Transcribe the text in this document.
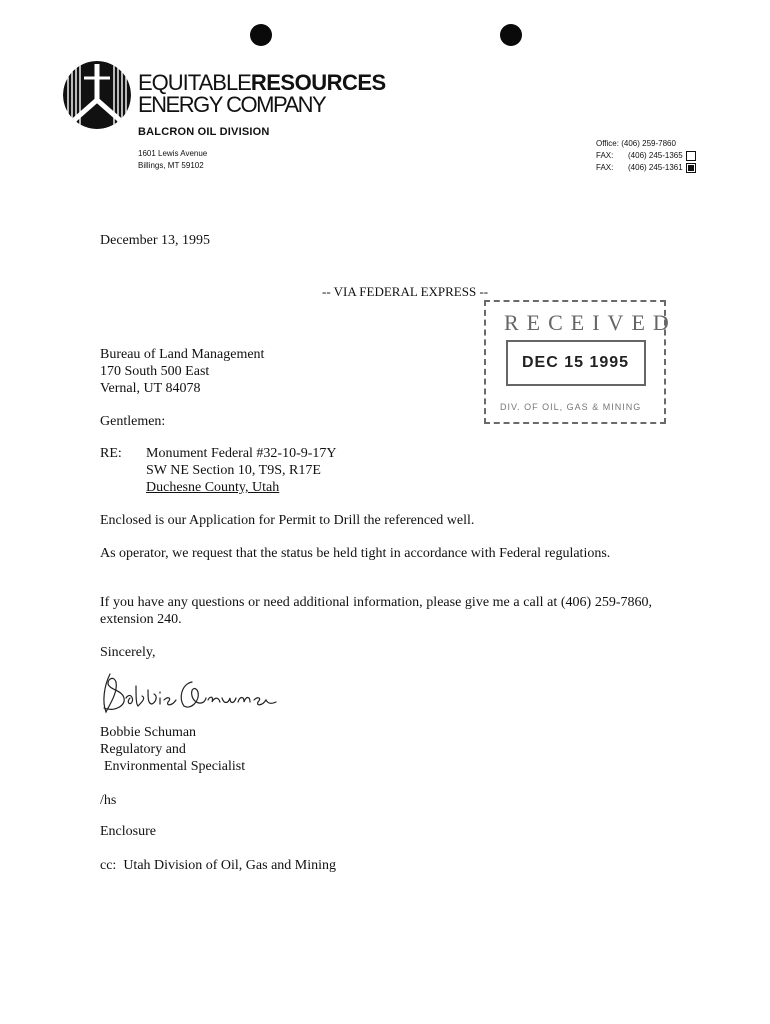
EQUITABLERESOURCES
ENERGY COMPANY
BALCRON OIL DIVISION
1601 Lewis Avenue
Billings, MT 59102
Office:
(406) 259-7860
FAX:	(406) 245-1365
FAX:	(406) 245-1361
December 13, 1995
-- VIA FEDERAL EXPRESS --
RECEIVED
DEC 15 1995
DIV. OF OIL, GAS & MINING
Bureau of Land Management
170 South 500 East
Vernal, UT 84078
Gentlemen:
RE: Monument Federal #32-10-9-17Y
SW NE Section 10, T9S, R17E
Duchesne County, Utah
Enclosed is our Application for Permit to Drill the referenced well.
As operator, we request that the status be held tight in accordance with Federal regulations.
If you have any questions or need additional information, please give me a call at (406) 259-7860, extension 240.
Sincerely,
Bobbie Schuman
Regulatory and
Environmental Specialist
/hs
Enclosure
cc:  Utah Division of Oil, Gas and Mining
